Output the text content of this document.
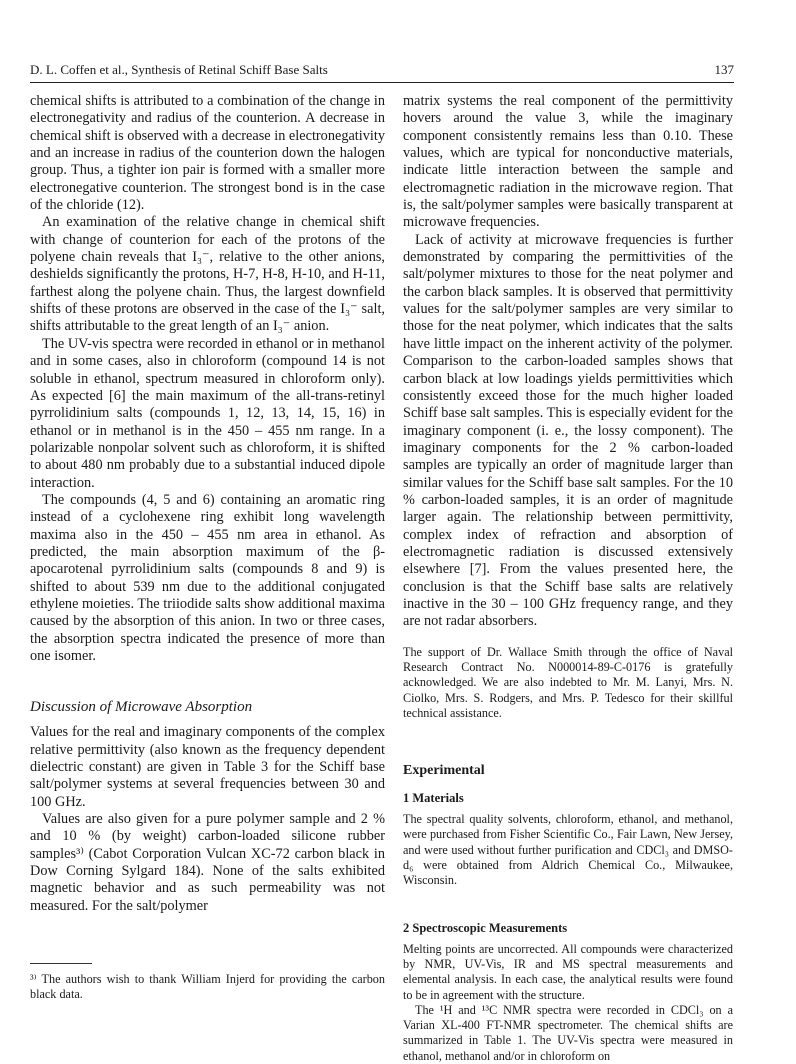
D. L. Coffen et al., Synthesis of Retinal Schiff Base Salts	137

chemical shifts is attributed to a combination of the change in electronegativity and radius of the counterion. A decrease in chemical shift is observed with a decrease in electronegativity and an increase in radius of the counterion down the halogen group. Thus, a tighter ion pair is formed with a smaller more electronegative counterion. The strongest bond is in the case of the chloride (12).

An examination of the relative change in chemical shift with change of counterion for each of the protons of the polyene chain reveals that I₃⁻, relative to the other anions, deshields significantly the protons, H-7, H-8, H-10, and H-11, farthest along the polyene chain. Thus, the largest downfield shifts of these protons are observed in the case of the I₃⁻ salt, shifts attributable to the great length of an I₃⁻ anion.

The UV-vis spectra were recorded in ethanol or in methanol and in some cases, also in chloroform (compound 14 is not soluble in ethanol, spectrum measured in chloroform only). As expected [6] the main maximum of the all-trans-retinyl pyrrolidinium salts (compounds 1, 12, 13, 14, 15, 16) in ethanol or in methanol is in the 450 – 455 nm range. In a polarizable nonpolar solvent such as chloroform, it is shifted to about 480 nm probably due to a substantial induced dipole interaction.

The compounds (4, 5 and 6) containing an aromatic ring instead of a cyclohexene ring exhibit long wavelength maxima also in the 450 – 455 nm area in ethanol. As predicted, the main absorption maximum of the β-apocarotenal pyrrolidinium salts (compounds 8 and 9) is shifted to about 539 nm due to the additional conjugated ethylene moieties. The triiodide salts show additional maxima caused by the absorption of this anion. In two or three cases, the absorption spectra indicated the presence of more than one isomer.

Discussion of Microwave Absorption

Values for the real and imaginary components of the complex relative permittivity (also known as the frequency dependent dielectric constant) are given in Table 3 for the Schiff base salt/polymer systems at several frequencies between 30 and 100 GHz.

Values are also given for a pure polymer sample and 2 % and 10 % (by weight) carbon-loaded silicone rubber samples³⁾ (Cabot Corporation Vulcan XC-72 carbon black in Dow Corning Sylgard 184). None of the salts exhibited magnetic behavior and as such permeability was not measured. For the salt/polymer

³⁾ The authors wish to thank William Injerd for providing the carbon black data.

matrix systems the real component of the permittivity hovers around the value 3, while the imaginary component consistently remains less than 0.10. These values, which are typical for nonconductive materials, indicate little interaction between the sample and electromagnetic radiation in the microwave region. That is, the salt/polymer samples were basically transparent at microwave frequencies.

Lack of activity at microwave frequencies is further demonstrated by comparing the permittivities of the salt/polymer mixtures to those for the neat polymer and the carbon black samples. It is observed that permittivity values for the salt/polymer samples are very similar to those for the neat polymer, which indicates that the salts have little impact on the inherent activity of the polymer. Comparison to the carbon-loaded samples shows that carbon black at low loadings yields permittivities which consistently exceed those for the much higher loaded Schiff base salt samples. This is especially evident for the imaginary component (i. e., the lossy component). The imaginary components for the 2 % carbon-loaded samples are typically an order of magnitude larger than similar values for the Schiff base salt samples. For the 10 % carbon-loaded samples, it is an order of magnitude larger again. The relationship between permittivity, complex index of refraction and absorption of electromagnetic radiation is discussed extensively elsewhere [7]. From the values presented here, the conclusion is that the Schiff base salts are relatively inactive in the 30 – 100 GHz frequency range, and they are not radar absorbers.

The support of Dr. Wallace Smith through the office of Naval Research Contract No. N000014-89-C-0176 is gratefully acknowledged. We are also indebted to Mr. M. Lanyi, Mrs. N. Ciolko, Mrs. S. Rodgers, and Mrs. P. Tedesco for their skillful technical assistance.

Experimental
1 Materials

The spectral quality solvents, chloroform, ethanol, and methanol, were purchased from Fisher Scientific Co., Fair Lawn, New Jersey, and were used without further purification and CDCl₃ and DMSO-d₆ were obtained from Aldrich Chemical Co., Milwaukee, Wisconsin.

2 Spectroscopic Measurements

Melting points are uncorrected. All compounds were characterized by NMR, UV-Vis, IR and MS spectral measurements and elemental analysis. In each case, the analytical results were found to be in agreement with the structure.

The ¹H and ¹³C NMR spectra were recorded in CDCl₃ on a Varian XL-400 FT-NMR spectrometer. The chemical shifts are summarized in Table 1. The UV-Vis spectra were measured in ethanol, methanol and/or in chloroform on
